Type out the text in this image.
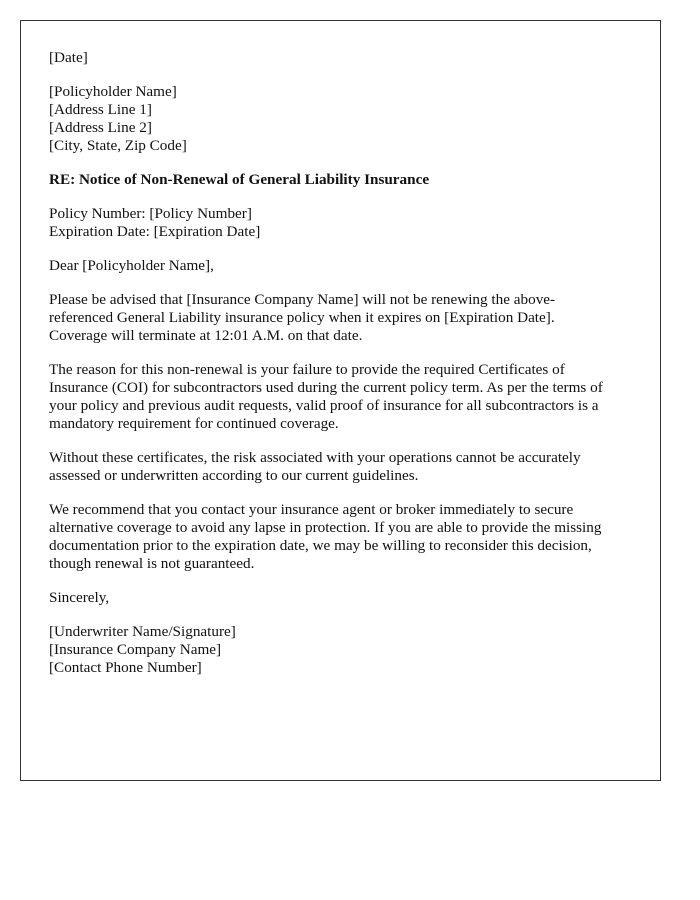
[Date]
[Policyholder Name]
[Address Line 1]
[Address Line 2]
[City, State, Zip Code]
RE: Notice of Non-Renewal of General Liability Insurance
Policy Number: [Policy Number]
Expiration Date: [Expiration Date]
Dear [Policyholder Name],

Please be advised that [Insurance Company Name] will not be renewing the above-
referenced General Liability insurance policy when it expires on [Expiration Date].
Coverage will terminate at 12:01 A.M. on that date.

The reason for this non-renewal is your failure to provide the required Certificates of
Insurance (COI) for subcontractors used during the current policy term. As per the terms of
your policy and previous audit requests, valid proof of insurance for all subcontractors is a
mandatory requirement for continued coverage.

Without these certificates, the risk associated with your operations cannot be accurately
assessed or underwritten according to our current guidelines.

We recommend that you contact your insurance agent or broker immediately to secure
alternative coverage to avoid any lapse in protection. If you are able to provide the missing
documentation prior to the expiration date, we may be willing to reconsider this decision,
though renewal is not guaranteed.

Sincerely,
[Underwriter Name/Signature]
[Insurance Company Name]
[Contact Phone Number]
